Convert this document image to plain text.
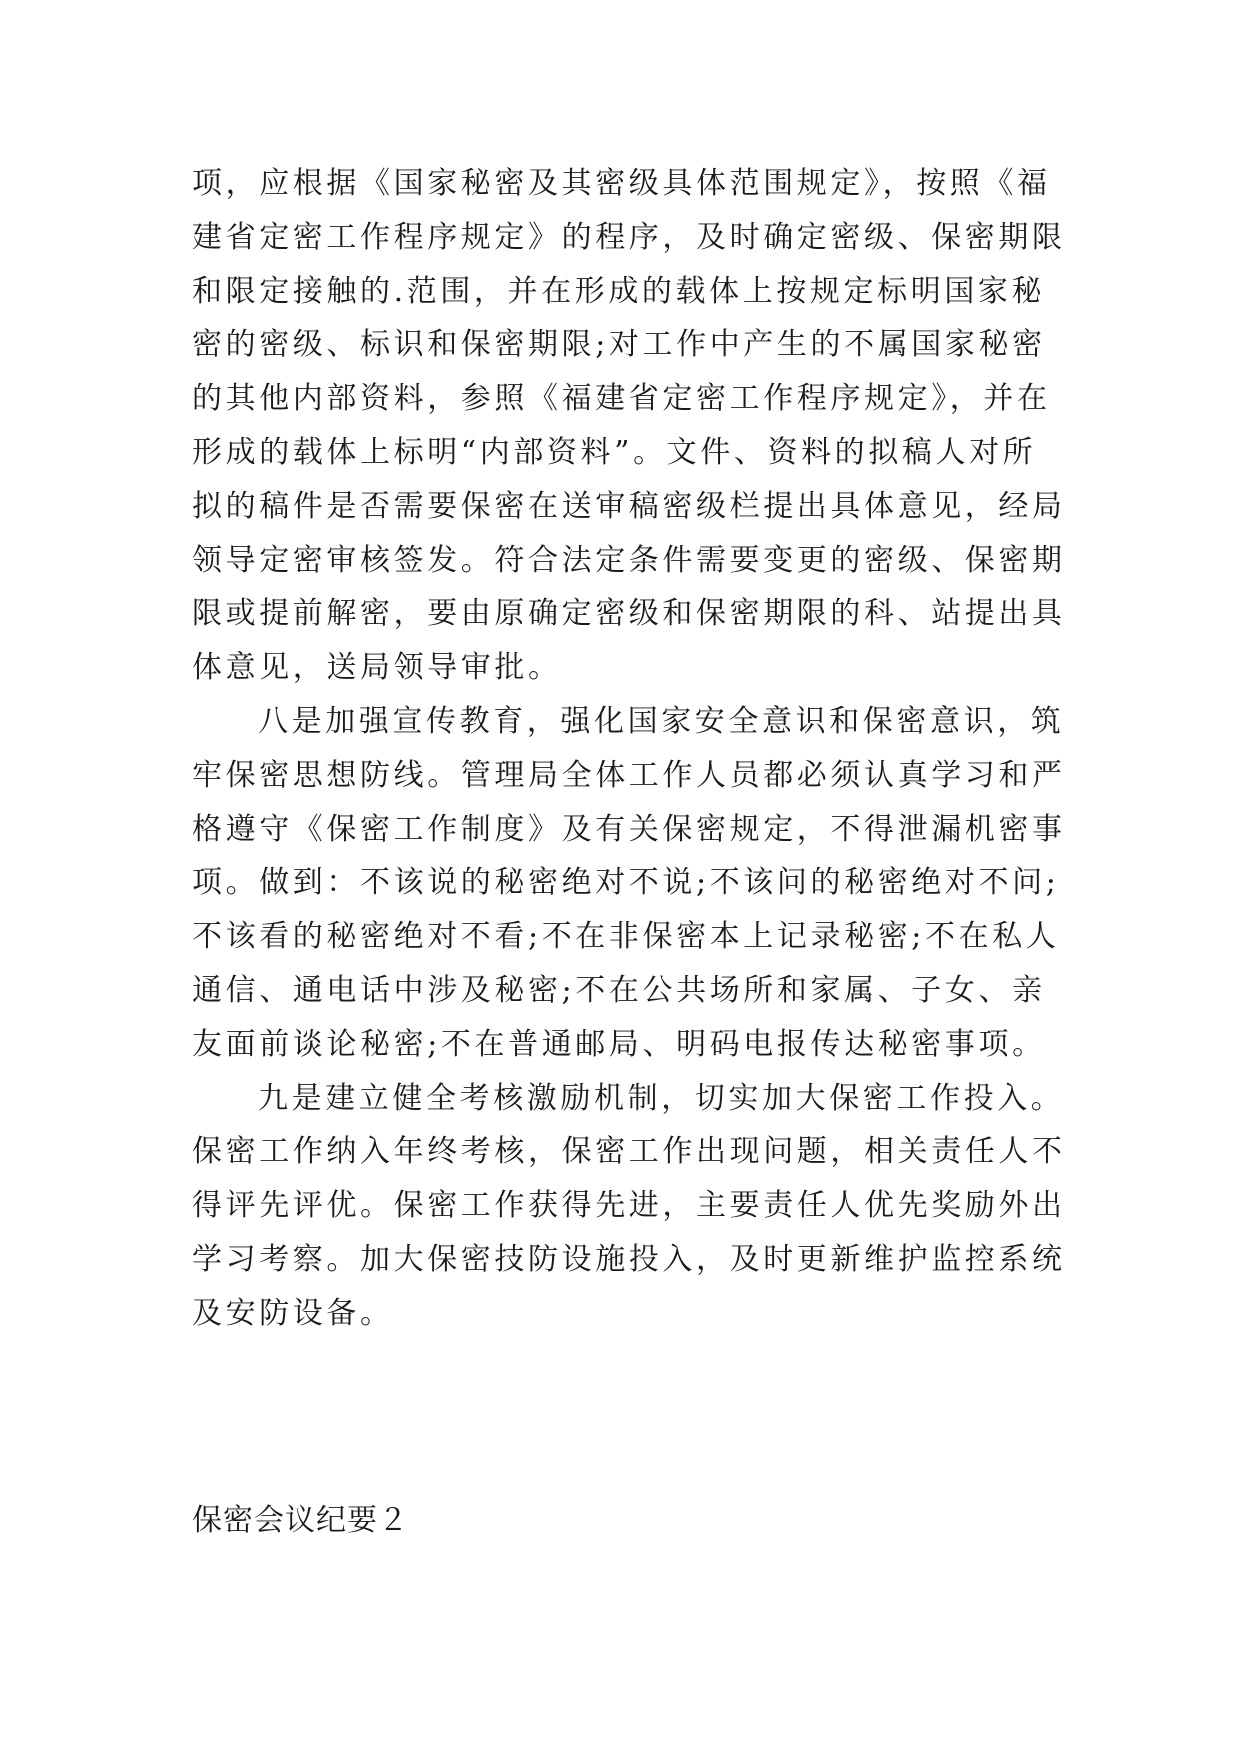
项，应根据《国家秘密及其密级具体范围规定》，按照《福
建省定密工作程序规定》的程序，及时确定密级、保密期限
和限定接触的.范围，并在形成的载体上按规定标明国家秘
密的密级、标识和保密期限;对工作中产生的不属国家秘密
的其他内部资料，参照《福建省定密工作程序规定》，并在
形成的载体上标明“内部资料”。文件、资料的拟稿人对所
拟的稿件是否需要保密在送审稿密级栏提出具体意见，经局
领导定密审核签发。符合法定条件需要变更的密级、保密期
限或提前解密，要由原确定密级和保密期限的科、站提出具
体意见，送局领导审批。
八是加强宣传教育，强化国家安全意识和保密意识，筑
牢保密思想防线。管理局全体工作人员都必须认真学习和严
格遵守《保密工作制度》及有关保密规定，不得泄漏机密事
项。做到：不该说的秘密绝对不说;不该问的秘密绝对不问;
不该看的秘密绝对不看;不在非保密本上记录秘密;不在私人
通信、通电话中涉及秘密;不在公共场所和家属、子女、亲
友面前谈论秘密;不在普通邮局、明码电报传达秘密事项。
九是建立健全考核激励机制，切实加大保密工作投入。
保密工作纳入年终考核，保密工作出现问题，相关责任人不
得评先评优。保密工作获得先进，主要责任人优先奖励外出
学习考察。加大保密技防设施投入，及时更新维护监控系统
及安防设备。
保密会议纪要２
